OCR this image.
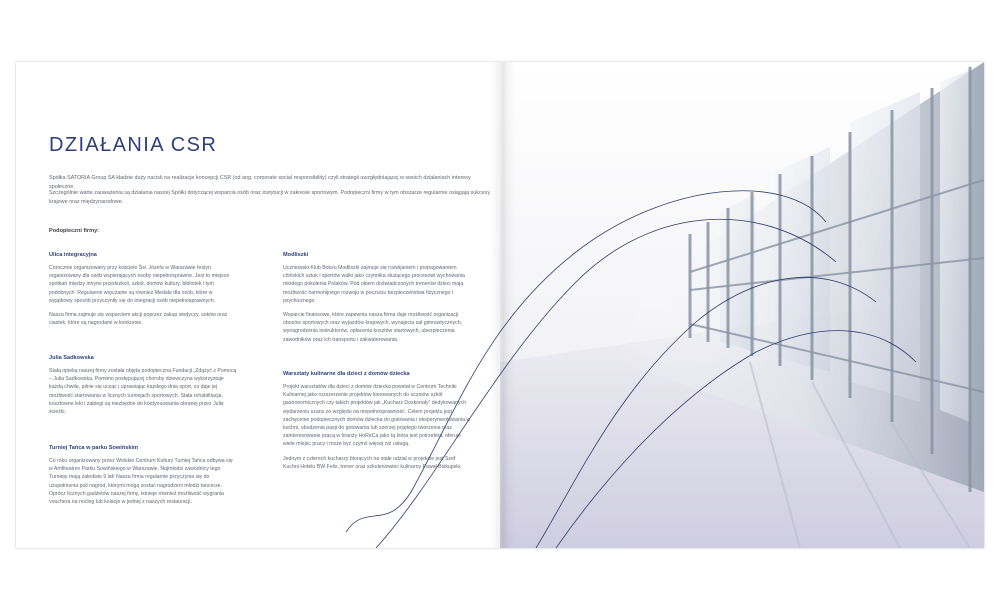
DZIAŁANIA CSR

Spółka SATORIA Group SA kładzie duży nacisk na realizacje koncepcji CSR (od ang. corporate social responsibility) czyli strategii uwzględniającej w swoich działaniach interesy społeczne.

Szczególnie warte zauważenia są działania naszej Spółki dotyczącej wsparcia osób oraz instytucji w zakresie sportowym. Podopieczni firmy w tym obszarze regularnie osiągają sukcesy krajowe oraz międzynarodowe.

Podopieczni firmy:

Ulica integracyjna

Corocznie organizowany przy kościele Św. Józefa w Warszawie festyn organizowany dla osób wspierających osoby niepełnosprawne. Jest to miejsce spotkań między innymi przedszkoli, szkół, domów kultury, bibliotek i tym podobnych. Regularnie wręczanie są również Medale dla osób, które w wyjątkowy sposób przyczyniły się do integracji osób niepełnosprawnych.

Nasza firma zajmuje się wsparciem akcji poprzez zakup słodyczy, soków oraz ciastek, które są nagrodami w konkursie.

Julia Sadkowska

Stałą opieką naszej firmy została objęta podopieczna Fundacji „Zdążyć z Pomocą – Julia Sadkowska. Pomimo postępującej choroby dziewczyna wykorzystuje każdą chwilę, pilnie się ucząc i uprawiając każdego dnia sport, co daje jej możliwość startowania w licznych turniejach sportowych. Stała rehabilitacja, kosztowne leki i zabiegi są niezbędne do kontynuowania obranej przez Julię ścieżki.

Turniej Tańca w parku Sowińskim

Co roku organizowany przez Wolskie Centrum Kultury Turniej Tańca odbywa się w Amfiteatrze Parku Sowińskiego w Warszawie. Najmłodsi zawodnicy tego Turnieju mają zaledwie 9 lat! Nasza firma regularnie przyczynia się do uzupełnienia puli nagród, którymi mogą zostać nagrodzeni młodzi tancerze. Oprócz licznych gadżetów naszej firmy, istnieje również możliwość wygrania vouchera na nocleg lub kolacje w jednej z naszych restauracji.

Modliszki

Uczniowski Klub Boksu Modliszki zajmuje się rozwijaniem i propagowaniem chińskich sztuk i sportów walki jako czynnika służącego procesowi wychowania młodego pokolenia Polaków. Pod okiem doświadczonych trenerów dzieci mają możliwość harmonijnego rozwoju w poczuciu bezpieczeństwa fizycznego i psychicznego.

Wsparcie finansowe, które zapewnia nasza firma daje możliwość organizacji obozów sportowych oraz wyjazdów krajowych, wynajęcia sal gimnastycznych, wynagrodzenia instruktorów, opłacenia kosztów startowych, ubezpieczenia zawodników oraz ich transportu i zakwaterowania.

Warsztaty kulinarne dla dzieci z domów dziecka

Projekt warsztatów dla dzieci z domów dziecka powstał w Centrum Techniki Kulinarnej jako rozszerzenie projektów kierowanych do uczniów szkół gastronomicznych czy takich projektów jak „Kucharz Doskonały” dedykowanych wydarzeniu szans ze względu na niepełnosprawność. Celem projektu jest zachęcenie podopiecznych domów dziecka do gotowania i eksperymentowania w kuchni, obudzenia pasji do gotowania lub szerzej pojętego tworzenia oraz zainteresowanie pracą w branży HoReCa jako tą która jest potrzebna, oferuje wiele miejsc pracy i może być czymś więcej niż usługą.

Jednym z czterech kucharzy biorących na stałe udział w projekcie jest Szef Kuchni Hotelu BW Felix, trener oraz szkoleniowiec kulinarny Paweł Biskupski.
